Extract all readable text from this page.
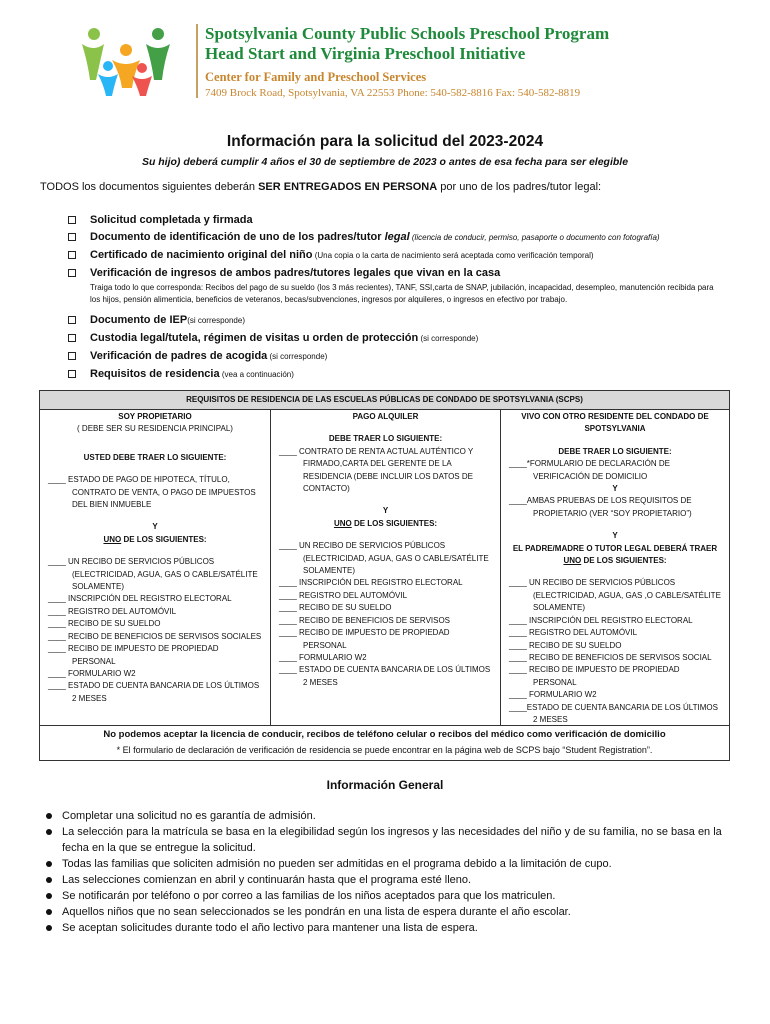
Spotsylvania County Public Schools Preschool Program
Head Start and Virginia Preschool Initiative
Center for Family and Preschool Services
7409 Brock Road, Spotsylvania, VA 22553 Phone: 540-582-8816 Fax: 540-582-8819
Información para la solicitud del 2023-2024
Su hijo) deberá cumplir 4 años el 30 de septiembre de 2023 o antes de esa fecha para ser elegible
TODOS los documentos siguientes deberán SER ENTREGADOS EN PERSONA por uno de los padres/tutor legal:
Solicitud completada y firmada
Documento de identificación de uno de los padres/tutor legal (licencia de conducir, permiso, pasaporte o documento con fotografía)
Certificado de nacimiento original del niño (Una copia o la carta de nacimiento será aceptada como verificación temporal)
Verificación de ingresos de ambos padres/tutores legales que vivan en la casa
Traiga todo lo que corresponda: Recibos del pago de su sueldo (los 3 más recientes), TANF, SSI,carta de SNAP, jubilación, incapacidad, desempleo, manutención recibida para los hijos, pensión alimenticia, beneficios de veteranos, becas/subvenciones, ingresos por alquileres, o ingresos en efectivo por trabajo.
Documento de IEP(si corresponde)
Custodia legal/tutela, régimen de visitas u orden de protección (si corresponde)
Verificación de padres de acogida (si corresponde)
Requisitos de residencia (vea a continuación)
REQUISITOS DE RESIDENCIA DE LAS ESCUELAS PÚBLICAS DE CONDADO DE SPOTSYLVANIA (SCPS)
SOY PROPIETARIO
( DEBE SER SU RESIDENCIA PRINCIPAL)
USTED DEBE TRAER LO SIGUIENTE:
____ ESTADO DE PAGO DE HIPOTECA, TÍTULO, CONTRATO DE VENTA, O PAGO DE IMPUESTOS DEL BIEN INMUEBLE
Y
UNO DE LOS SIGUIENTES:
____ UN RECIBO DE SERVICIOS PÚBLICOS (ELECTRICIDAD, AGUA, GAS O CABLE/SATÉLITE SOLAMENTE)
____ INSCRIPCIÓN DEL REGISTRO ELECTORAL
____ REGISTRO DEL AUTOMÓVIL
____ RECIBO DE SU SUELDO
____ RECIBO DE BENEFICIOS DE SERVISOS SOCIALES
____ RECIBO DE IMPUESTO DE PROPIEDAD PERSONAL
____ FORMULARIO W2
____ ESTADO DE CUENTA BANCARIA DE LOS ÚLTIMOS 2 MESES
PAGO ALQUILER
DEBE TRAER LO SIGUIENTE:
____ CONTRATO DE RENTA ACTUAL AUTÉNTICO Y FIRMADO,CARTA DEL GERENTE DE LA RESIDENCIA (DEBE INCLUIR LOS DATOS DE CONTACTO)
Y
UNO DE LOS SIGUIENTES:
____ UN RECIBO DE SERVICIOS PÚBLICOS (ELECTRICIDAD, AGUA, GAS O CABLE/SATÉLITE SOLAMENTE)
____ INSCRIPCIÓN DEL REGISTRO ELECTORAL
____ REGISTRO DEL AUTOMÓVIL
____ RECIBO DE SU SUELDO
____ RECIBO DE BENEFICIOS DE SERVISOS
____ RECIBO DE IMPUESTO DE PROPIEDAD PERSONAL
____ FORMULARIO W2
____ ESTADO DE CUENTA BANCARIA DE LOS ÚLTIMOS 2 MESES
VIVO CON OTRO RESIDENTE DEL CONDADO DE SPOTSYLVANIA
DEBE TRAER LO SIGUIENTE:
____*FORMULARIO DE DECLARACIÓN DE VERIFICACIÓN DE DOMICILIO
Y
____AMBAS PRUEBAS DE LOS REQUISITOS DE PROPIETARIO (VER “SOY PROPIETARIO”)
Y
EL PADRE/MADRE O TUTOR LEGAL DEBERÁ TRAER UNO DE LOS SIGUIENTES:
____ UN RECIBO DE SERVICIOS PÚBLICOS (ELECTRICIDAD, AGUA, GAS ,O CABLE/SATÉLITE SOLAMENTE)
____ INSCRIPCIÓN DEL REGISTRO ELECTORAL
____ REGISTRO DEL AUTOMÓVIL
____ RECIBO DE SU SUELDO
____ RECIBO DE BENEFICIOS DE SERVISOS SOCIAL
____ RECIBO DE IMPUESTO DE PROPIEDAD PERSONAL
____ FORMULARIO W2
____ESTADO DE CUENTA BANCARIA DE LOS ÚLTIMOS 2 MESES
No podemos aceptar la licencia de conducir, recibos de teléfono celular o recibos del médico como verificación de domicilio
* El formulario de declaración de verificación de residencia se puede encontrar en la página web de SCPS bajo “Student Registration”.
Información General
Completar una solicitud no es garantía de admisión.
La selección para la matrícula se basa en la elegibilidad según los ingresos y las necesidades del niño y de su familia, no se basa en la fecha en la que se entregue la solicitud.
Todas las familias que soliciten admisión no pueden ser admitidas en el programa debido a la limitación de cupo.
Las selecciones comienzan en abril y continuarán hasta que el programa esté lleno.
Se notificarán por teléfono o por correo a las familias de los niños aceptados para que los matriculen.
Aquellos niños que no sean seleccionados se les pondrán en una lista de espera durante el año escolar.
Se aceptan solicitudes durante todo el año lectivo para mantener una lista de espera.
